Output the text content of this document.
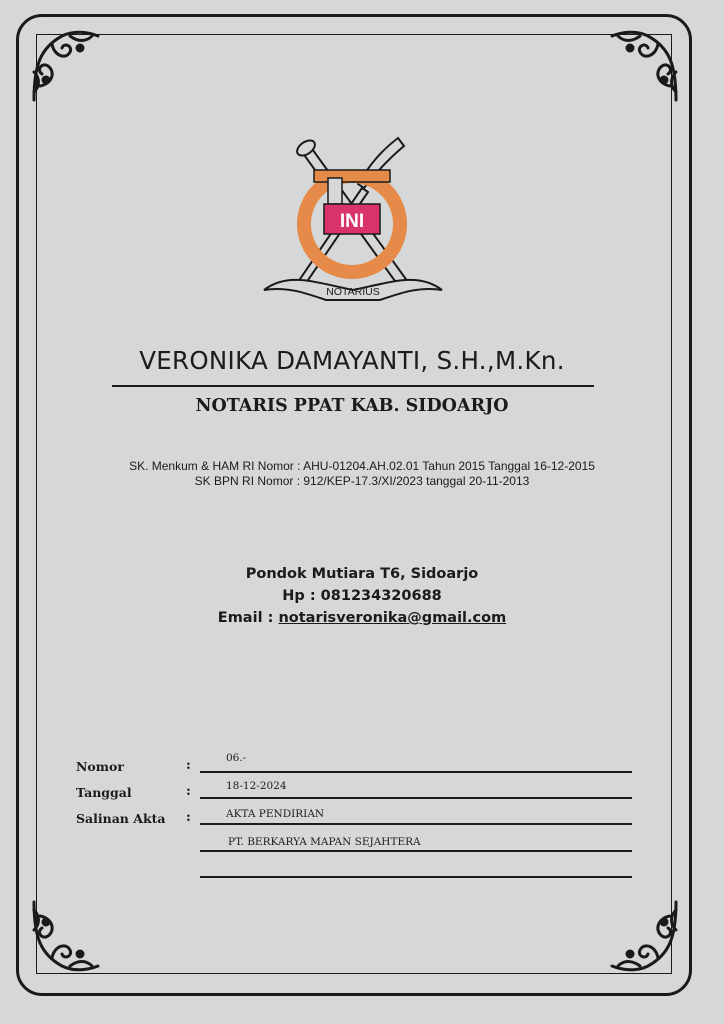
INI
NOTARIUS
VERONIKA DAMAYANTI, S.H.,M.Kn.
NOTARIS PPAT KAB. SIDOARJO
SK. Menkum & HAM RI Nomor : AHU-01204.AH.02.01 Tahun 2015 Tanggal 16-12-2015
SK BPN RI Nomor : 912/KEP-17.3/XI/2023 tanggal 20-11-2013
Pondok Mutiara T6, Sidoarjo
Hp : 081234320688
Email : notarisveronika@gmail.com
Nomor	:	06.-
Tanggal	:	18-12-2024
Salinan Akta :	AKTA PENDIRIAN
PT. BERKARYA MAPAN SEJAHTERA
